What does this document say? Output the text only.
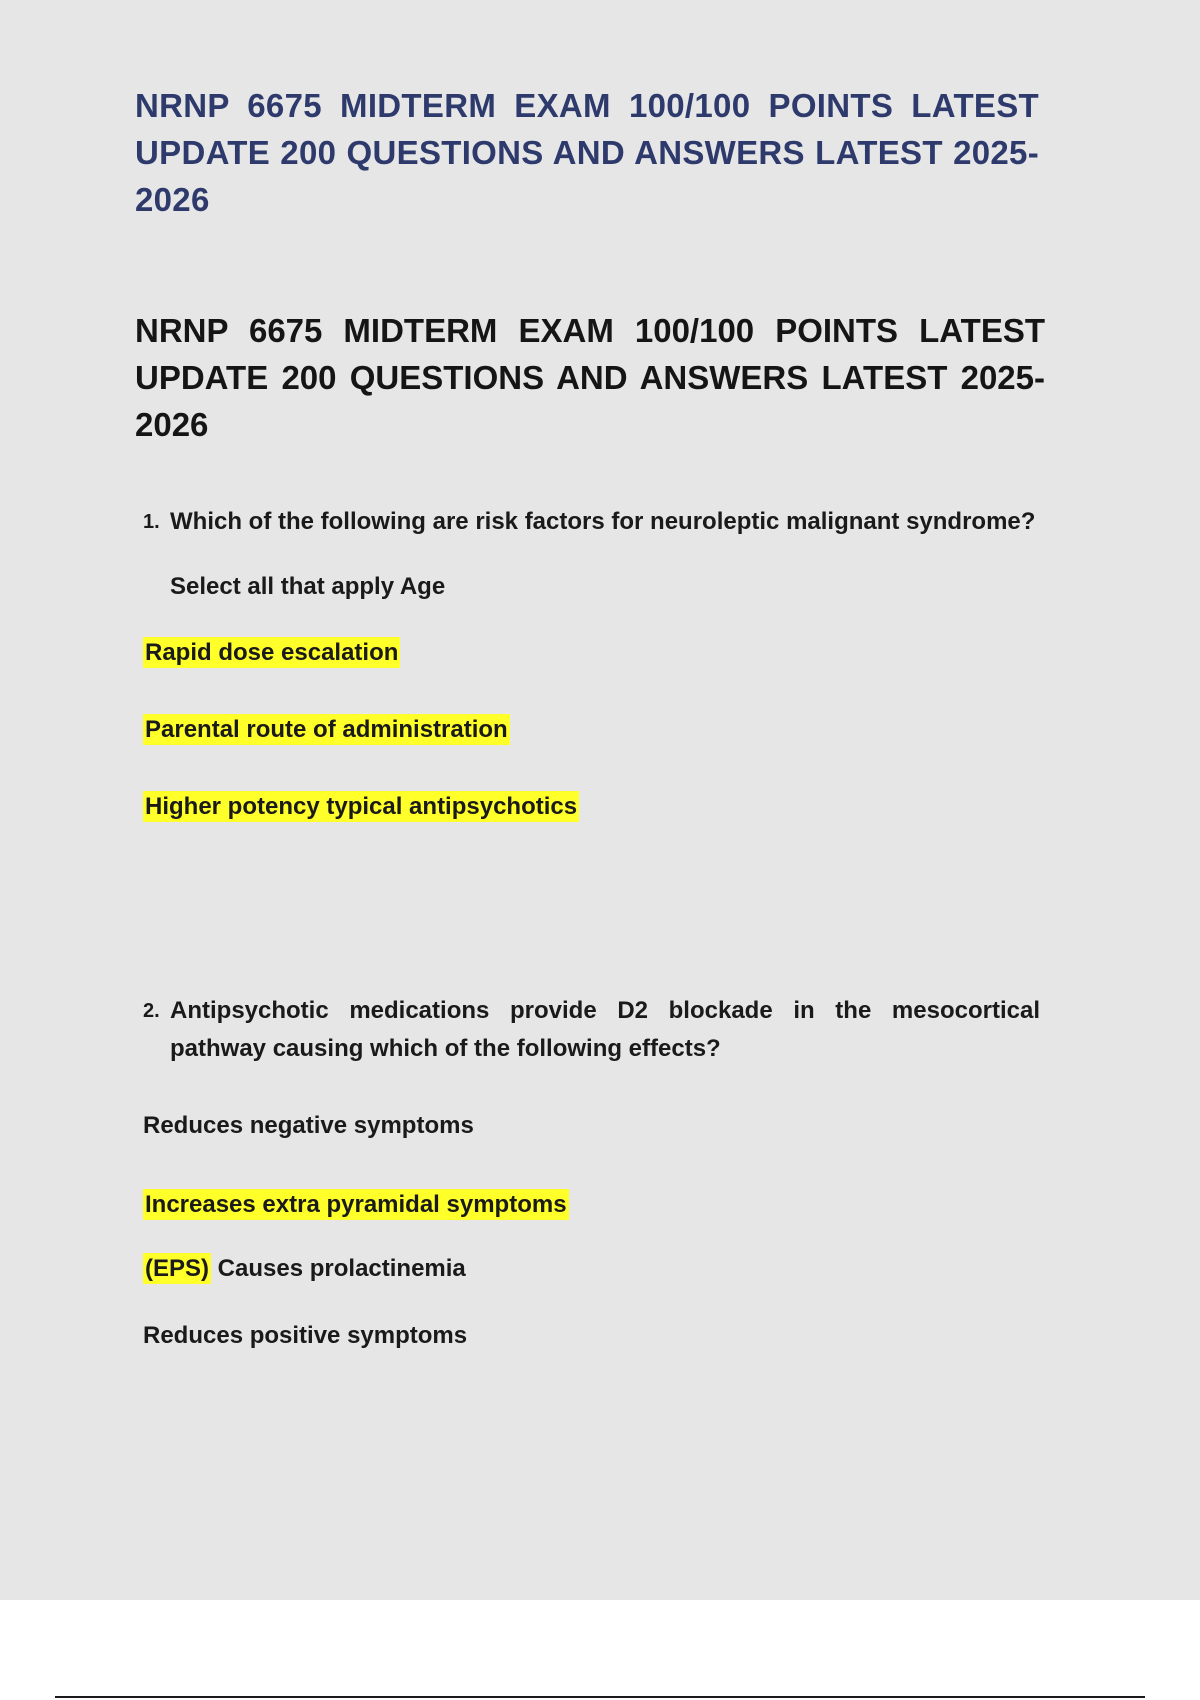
NRNP 6675 MIDTERM EXAM 100/100 POINTS LATEST UPDATE 200 QUESTIONS AND ANSWERS LATEST 2025-2026
NRNP 6675 MIDTERM EXAM 100/100 POINTS LATEST UPDATE 200 QUESTIONS AND ANSWERS LATEST 2025-2026
1. Which of the following are risk factors for neuroleptic malignant syndrome?

Select all that apply Age
Rapid dose escalation
Parental route of administration
Higher potency typical antipsychotics
2. Antipsychotic medications provide D2 blockade in the mesocortical pathway causing which of the following effects?

Reduces negative symptoms
Increases extra pyramidal symptoms
(EPS) Causes prolactinemia
Reduces positive symptoms
